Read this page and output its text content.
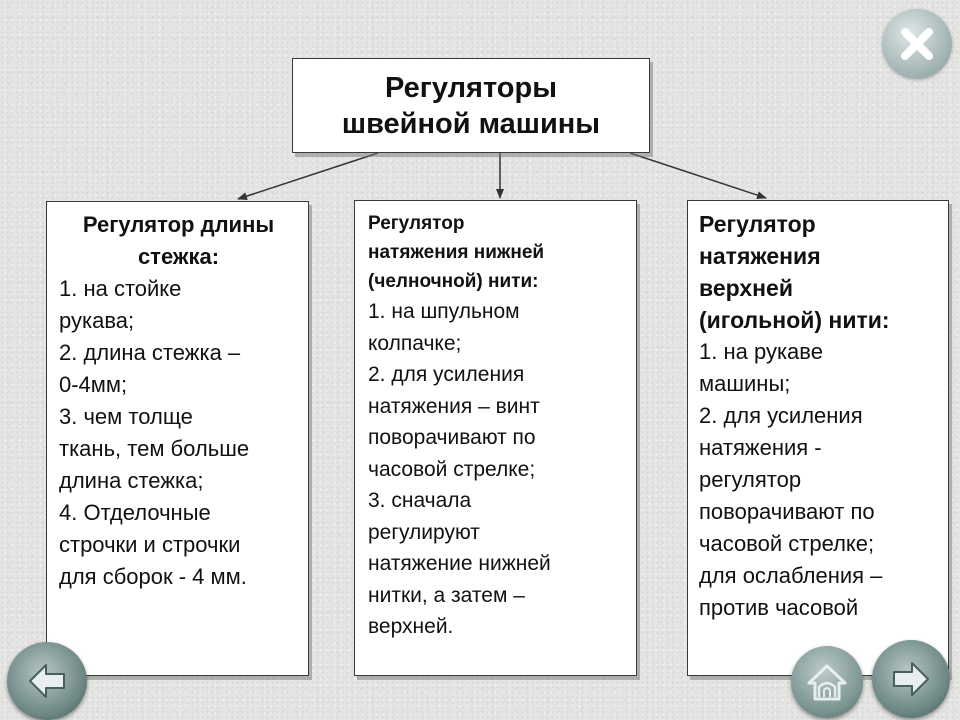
Регуляторы
швейной машины
Регулятор длины
стежка:
1. на стойке
рукава;
2. длина стежка –
0-4мм;
3. чем толще
ткань, тем больше
длина стежка;
4. Отделочные
строчки и строчки
для сборок - 4 мм.
Регулятор
натяжения нижней
(челночной) нити:
1. на шпульном
колпачке;
2. для усиления
натяжения – винт
поворачивают по
часовой стрелке;
3. сначала
регулируют
натяжение нижней
нитки, а затем –
верхней.
Регулятор
натяжения
верхней
(игольной) нити:
1. на рукаве
машины;
2. для усиления
натяжения -
регулятор
поворачивают по
часовой стрелке;
для ослабления –
против часовой
